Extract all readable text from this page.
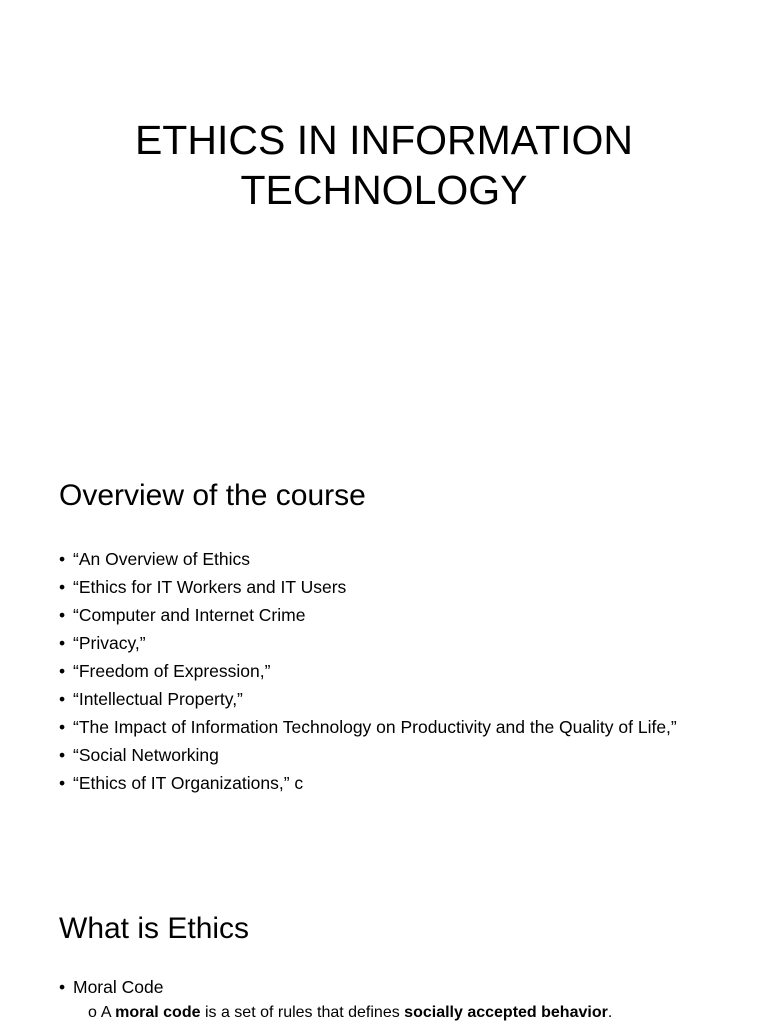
ETHICS IN INFORMATION
TECHNOLOGY
Overview of the course
• “An Overview of Ethics
• “Ethics for IT Workers and IT Users
• “Computer and Internet Crime
• “Privacy,”
• “Freedom of Expression,”
• “Intellectual Property,”
• “The Impact of Information Technology on Productivity and the Quality of Life,”
• “Social Networking
• “Ethics of IT Organizations,” c
What is Ethics
• Moral Code
o A moral code is a set of rules that defines socially accepted behavior.
